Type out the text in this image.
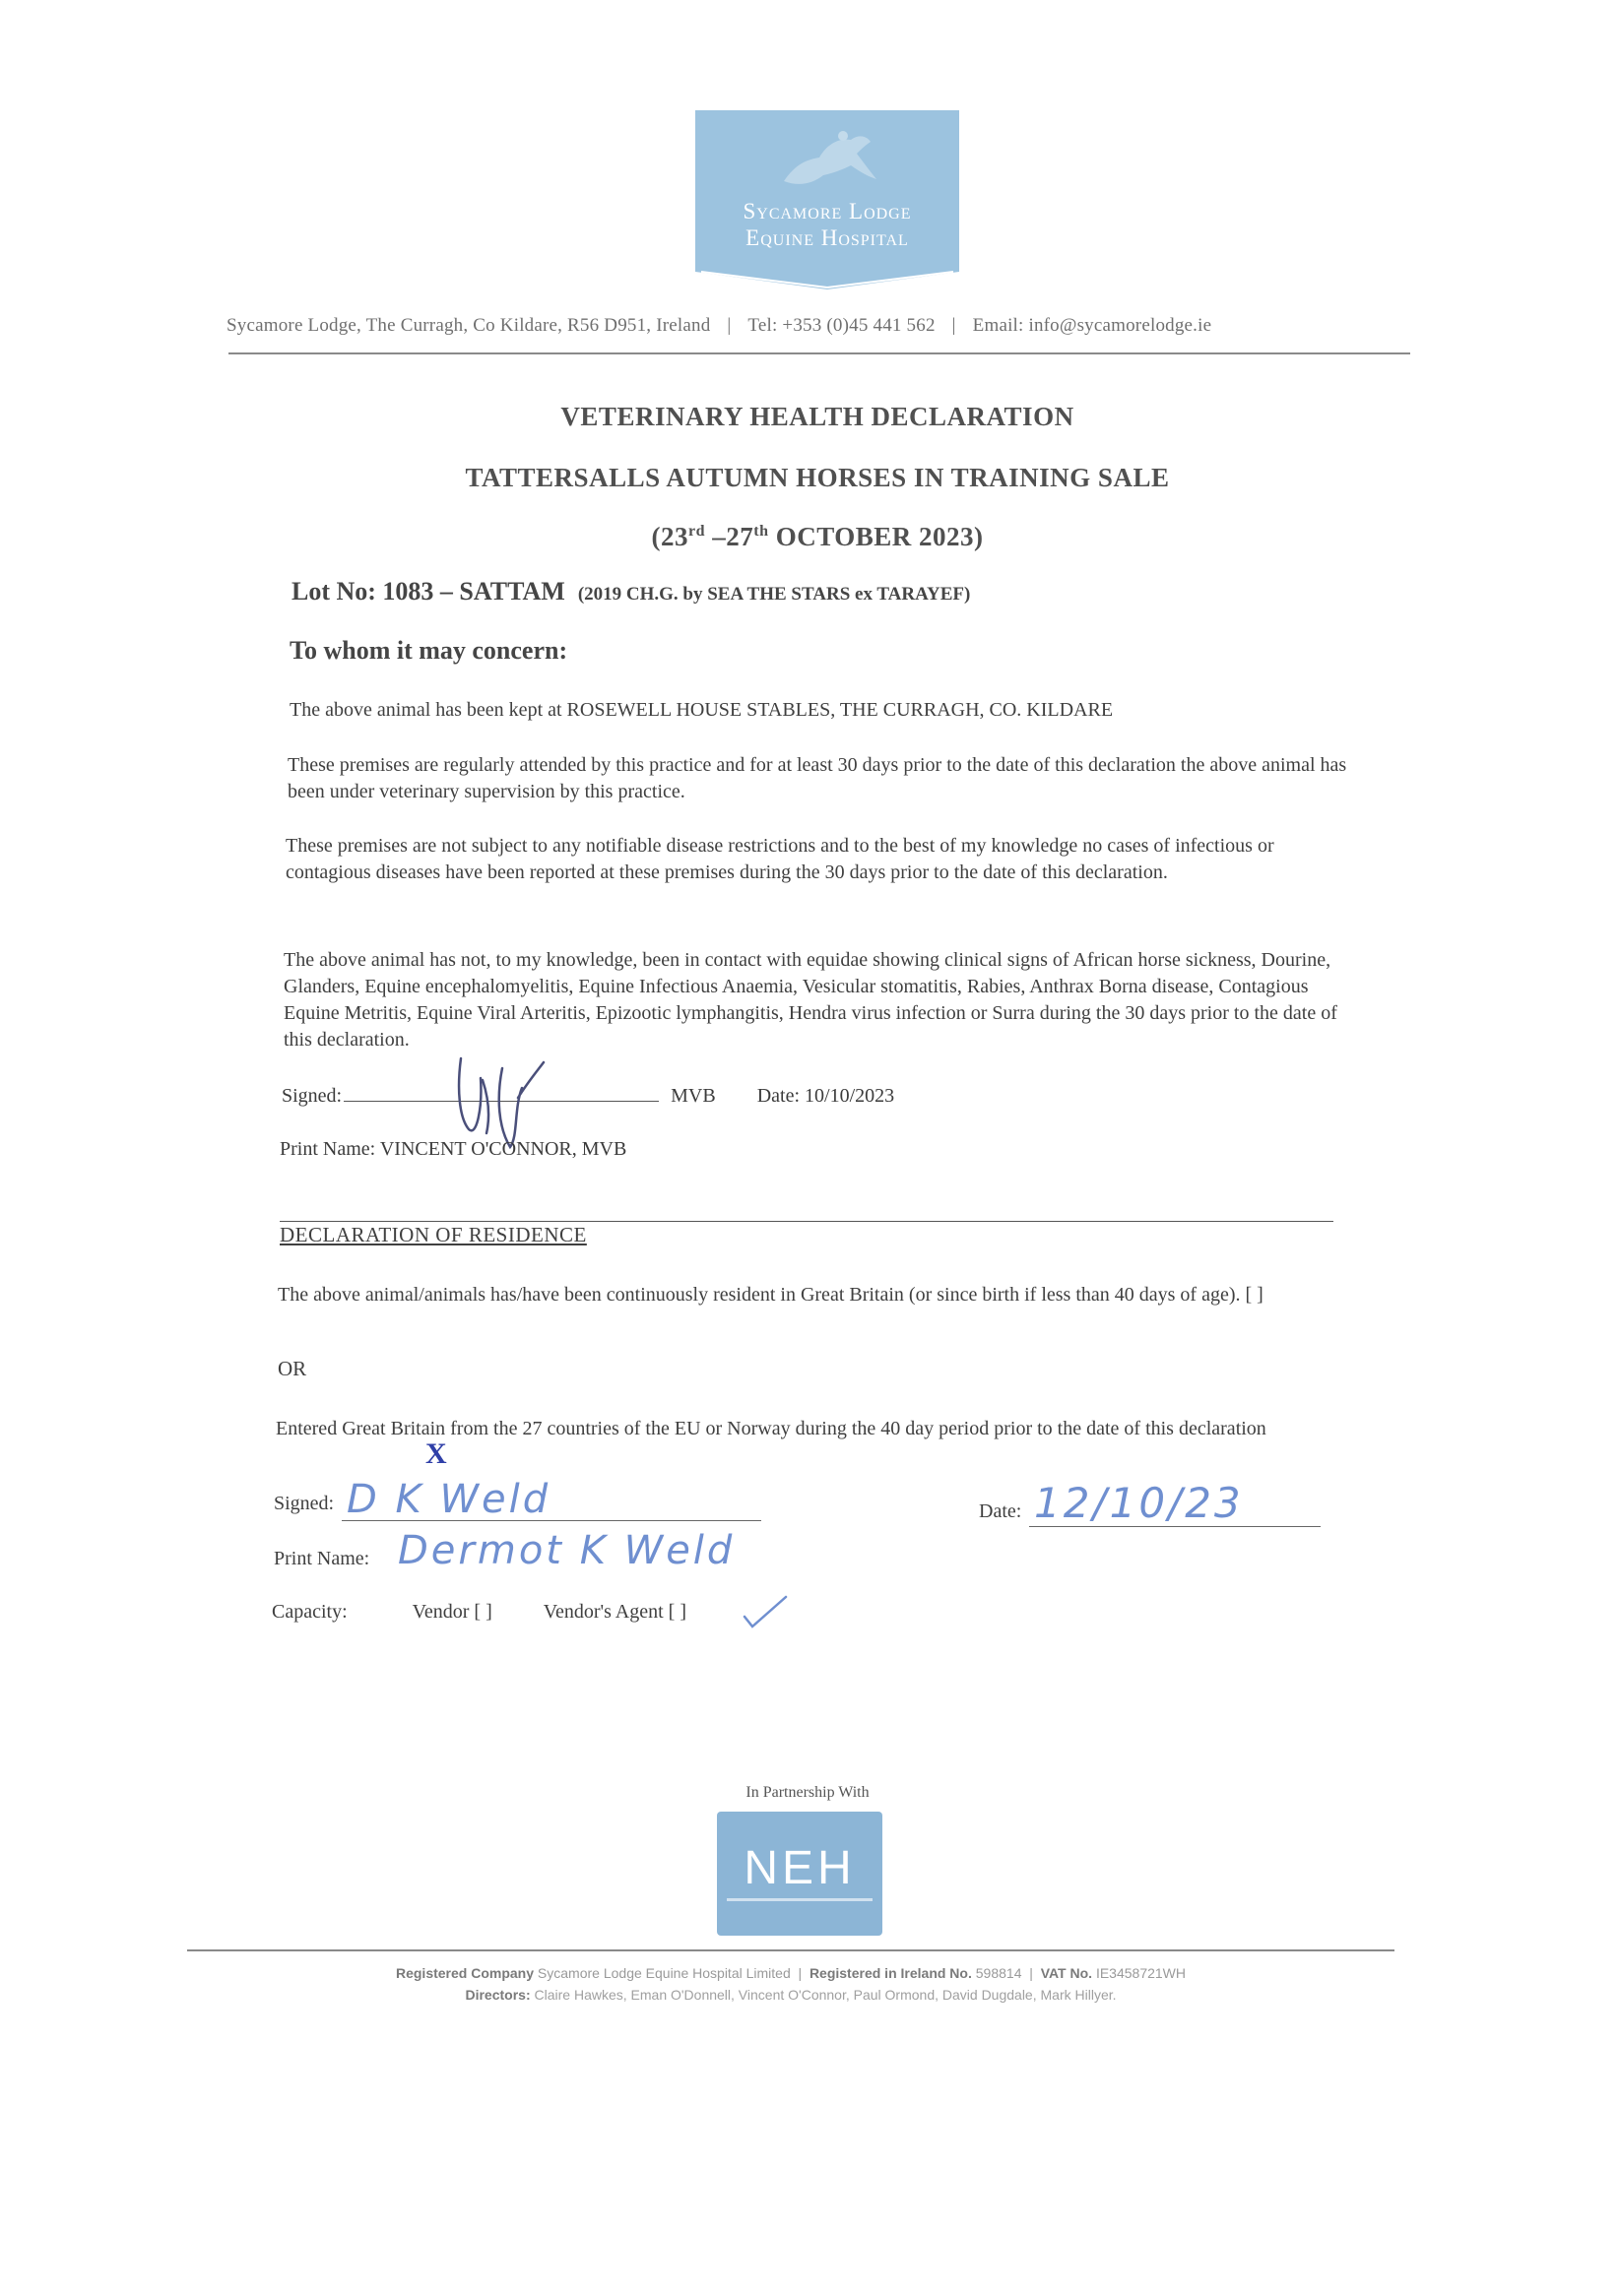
Sycamore Lodge
Equine Hospital
Sycamore Lodge, The Curragh, Co Kildare, R56 D951, Ireland | Tel: +353 (0)45 441 562 | Email: info@sycamorelodge.ie
VETERINARY HEALTH DECLARATION
TATTERSALLS AUTUMN HORSES IN TRAINING SALE
(23rd –27th OCTOBER 2023)
Lot No: 1083 – SATTAM (2019 CH.G. by SEA THE STARS ex TARAYEF)
To whom it may concern:
The above animal has been kept at ROSEWELL HOUSE STABLES, THE CURRAGH, CO. KILDARE
These premises are regularly attended by this practice and for at least 30 days prior to the date of this declaration the above animal has been under veterinary supervision by this practice.
These premises are not subject to any notifiable disease restrictions and to the best of my knowledge no cases of infectious or contagious diseases have been reported at these premises during the 30 days prior to the date of this declaration.
The above animal has not, to my knowledge, been in contact with equidae showing clinical signs of African horse sickness, Dourine, Glanders, Equine encephalomyelitis, Equine Infectious Anaemia, Vesicular stomatitis, Rabies, Anthrax Borna disease, Contagious Equine Metritis, Equine Viral Arteritis, Epizootic lymphangitis, Hendra virus infection or Surra during the 30 days prior to the date of this declaration.
Signed:	MVB Date: 10/10/2023
Print Name: VINCENT O'CONNOR, MVB
DECLARATION OF RESIDENCE
The above animal/animals has/have been continuously resident in Great Britain (or since birth if less than 40 days of age). [ ]
OR
Entered Great Britain from the 27 countries of the EU or Norway during the 40 day period prior to the date of this declaration
X
Signed: D K Weld	Date: 12/10/23
Print Name: Dermot K Weld
Capacity:	Vendor [ ]	Vendor's Agent [ ]
In Partnership With
NEH
Registered Company Sycamore Lodge Equine Hospital Limited  |  Registered in Ireland No. 598814  |  VAT No. IE3458721WH
Directors: Claire Hawkes, Eman O'Donnell, Vincent O'Connor, Paul Ormond, David Dugdale, Mark Hillyer.
